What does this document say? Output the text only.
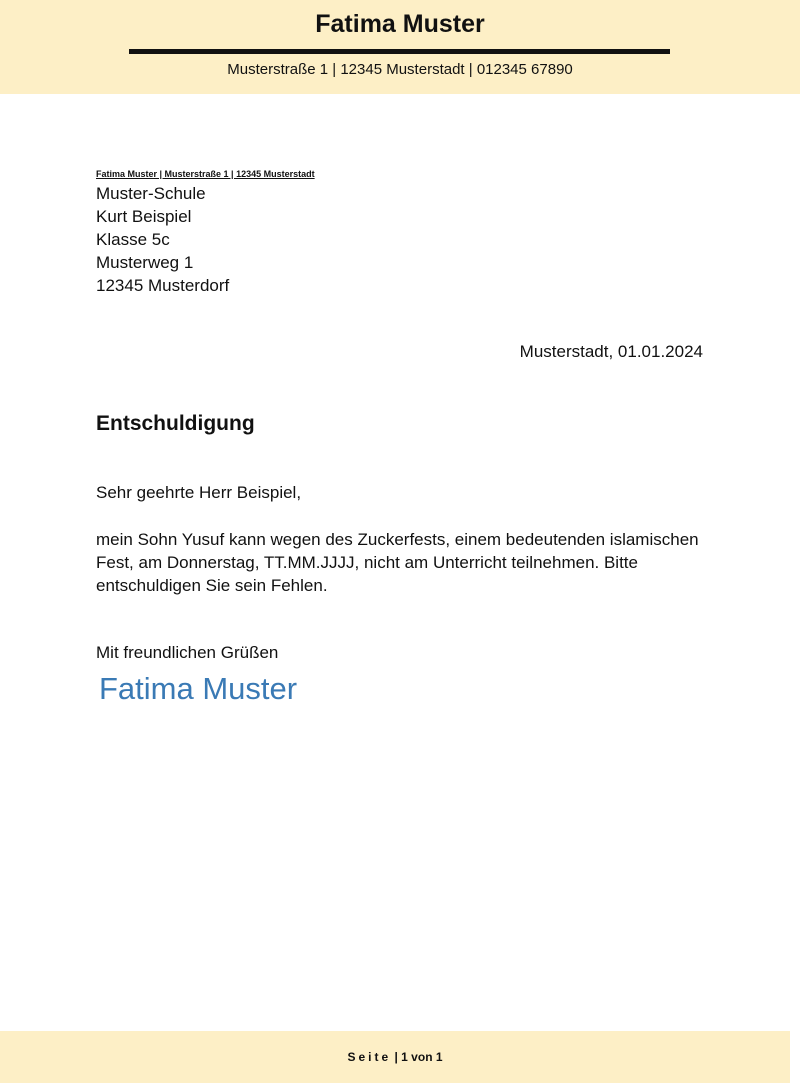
Fatima Muster
Musterstraße 1 | 12345 Musterstadt | 012345 67890
Fatima Muster | Musterstraße 1 | 12345 Musterstadt
Muster-Schule
Kurt Beispiel
Klasse 5c
Musterweg 1
12345 Musterdorf
Musterstadt, 01.01.2024
Entschuldigung
Sehr geehrte Herr Beispiel,
mein Sohn Yusuf kann wegen des Zuckerfests, einem bedeutenden islamischen Fest, am Donnerstag, TT.MM.JJJJ, nicht am Unterricht teilnehmen. Bitte entschuldigen Sie sein Fehlen.
Mit freundlichen Grüßen
Fatima Muster
Seite | 1 von 1
